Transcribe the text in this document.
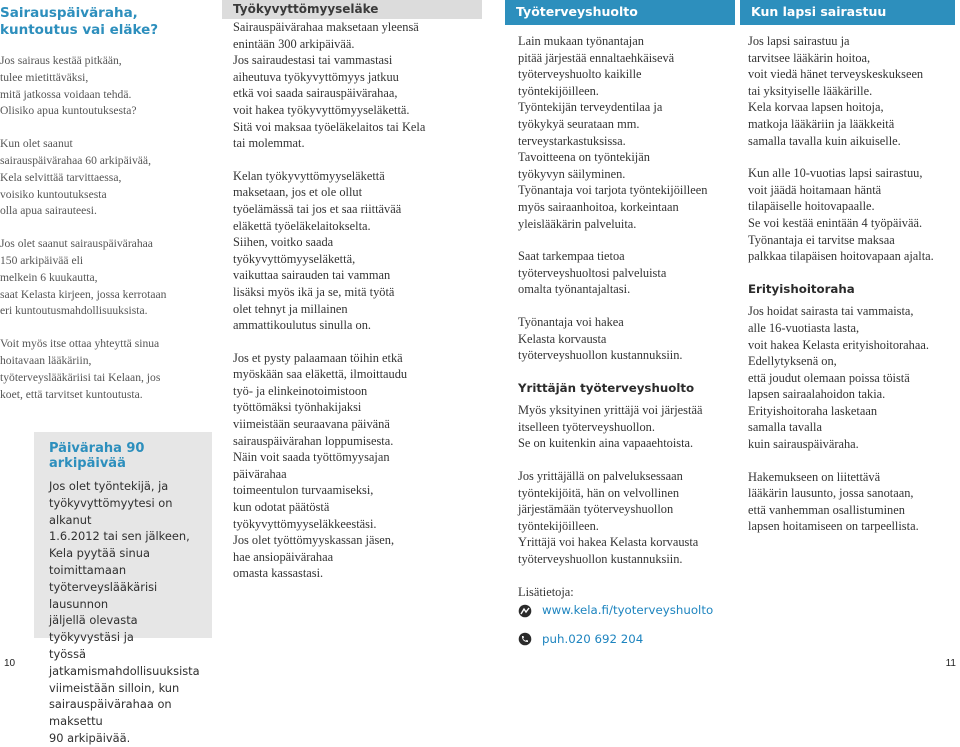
Sairauspäiväraha,
kuntoutus vai eläke?

Jos sairaus kestää pitkään,
tulee mietittäväksi,
mitä jatkossa voidaan tehdä.
Olisiko apua kuntoutuksesta?

Kun olet saanut
sairauspäivärahaa 60 arkipäivää,
Kela selvittää tarvittaessa,
voisiko kuntoutuksesta
olla apua sairauteesi.

Jos olet saanut sairauspäivärahaa
150 arkipäivää eli
melkein 6 kuukautta,
saat Kelasta kirjeen, jossa kerrotaan
eri kuntoutusmahdollisuuksista.

Voit myös itse ottaa yhteyttä sinua
hoitavaan lääkäriin,
työterveyslääkäriisi tai Kelaan, jos
koet, että tarvitset kuntoutusta.

Päiväraha 90 arkipäivää
Jos olet työntekijä, ja
työkyvyttömyytesi on alkanut
1.6.2012 tai sen jälkeen,
Kela pyytää sinua toimittamaan
työterveyslääkärisi lausunnon
jäljellä olevasta työkyvystäsi ja
työssä jatkamismahdollisuuksista
viimeistään silloin, kun
sairauspäivärahaa on maksettu
90 arkipäivää.
Työkyvyttömyyseläke

Sairauspäivärahaa maksetaan yleensä
enintään 300 arkipäivää.
Jos sairaudestasi tai vammastasi
aiheutuva työkyvyttömyys jatkuu
etkä voi saada sairauspäivärahaa,
voit hakea työkyvyttömyyseläkettä.
Sitä voi maksaa työeläkelaitos tai Kela
tai molemmat.

Kelan työkyvyttömyyseläkettä
maksetaan, jos et ole ollut
työelämässä tai jos et saa riittävää
eläkettä työeläkelaitokselta.
Siihen, voitko saada
työkyvyttömyyseläkettä,
vaikuttaa sairauden tai vamman
lisäksi myös ikä ja se, mitä työtä
olet tehnyt ja millainen
ammattikoulutus sinulla on.

Jos et pysty palaamaan töihin etkä
myöskään saa eläkettä, ilmoittaudu
työ- ja elinkeinotoimistoon
työttömäksi työnhakijaksi
viimeistään seuraavana päivänä
sairauspäivärahan loppumisesta.
Näin voit saada työttömyysajan
päivärahaa
toimeentulon turvaamiseksi,
kun odotat päätöstä
työkyvyttömyyseläkkeestäsi.
Jos olet työttömyyskassan jäsen,
hae ansiopäivärahaa
omasta kassastasi.

Työterveyshuolto

Lain mukaan työnantajan
pitää järjestää ennaltaehkäisevä
työterveyshuolto kaikille
työntekijöilleen.
Työntekijän terveydentilaa ja
työkykyä seurataan mm.
terveystarkastuksissa.
Tavoitteena on työntekijän
työkyvyn säilyminen.
Työnantaja voi tarjota työntekijöilleen
myös sairaanhoitoa, korkeintaan
yleislääkärin palveluita.

Saat tarkempaa tietoa
työterveyshuoltosi palveluista
omalta työnantajaltasi.

Työnantaja voi hakea
Kelasta korvausta
työterveyshuollon kustannuksiin.

Yrittäjän työterveyshuolto

Myös yksityinen yrittäjä voi järjestää
itselleen työterveyshuollon.
Se on kuitenkin aina vapaaehtoista.

Jos yrittäjällä on palveluksessaan
työntekijöitä, hän on velvollinen
järjestämään työterveyshuollon
työntekijöilleen.
Yrittäjä voi hakea Kelasta korvausta
työterveyshuollon kustannuksiin.

Lisätietoja:
www.kela.fi/tyoterveyshuolto
puh.020 692 204
Kun lapsi sairastuu

Jos lapsi sairastuu ja
tarvitsee lääkärin hoitoa,
voit viedä hänet terveyskeskukseen
tai yksityiselle lääkärille.
Kela korvaa lapsen hoitoja,
matkoja lääkäriin ja lääkkeitä
samalla tavalla kuin aikuiselle.

Kun alle 10-vuotias lapsi sairastuu,
voit jäädä hoitamaan häntä
tilapäiselle hoitovapaalle.
Se voi kestää enintään 4 työpäivää.
Työnantaja ei tarvitse maksaa
palkkaa tilapäisen hoitovapaan ajalta.

Erityishoitoraha

Jos hoidat sairasta tai vammaista,
alle 16-vuotiasta lasta,
voit hakea Kelasta erityishoitorahaa.
Edellytyksenä on,
että joudut olemaan poissa töistä
lapsen sairaalahoidon takia.
Erityishoitoraha lasketaan
samalla tavalla
kuin sairauspäiväraha.

Hakemukseen on liitettävä
lääkärin lausunto, jossa sanotaan,
että vanhemman osallistuminen
lapsen hoitamiseen on tarpeellista.

10	11
